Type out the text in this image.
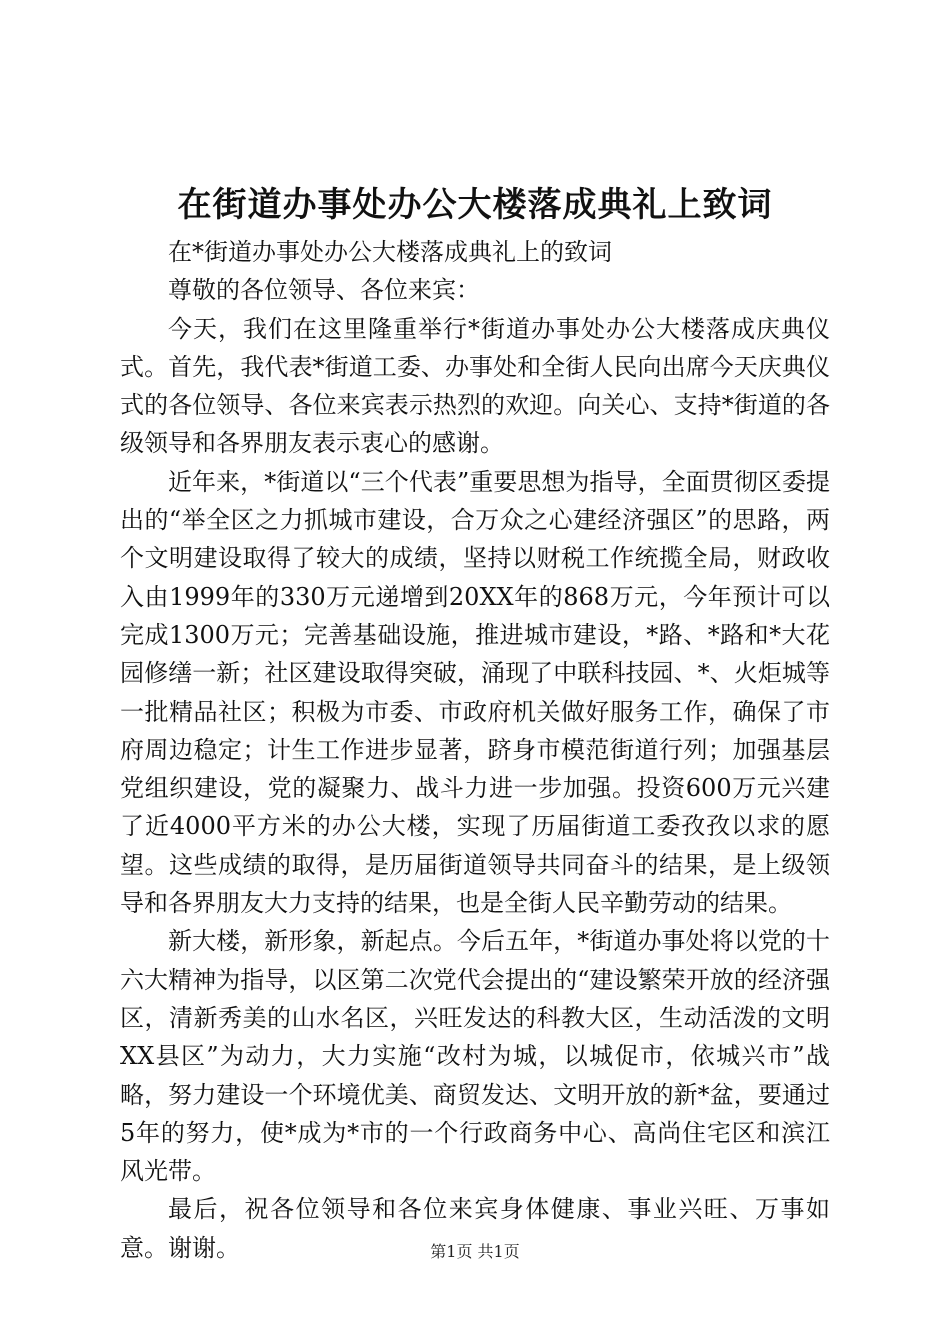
在街道办事处办公大楼落成典礼上致词

在*街道办事处办公大楼落成典礼上的致词

尊敬的各位领导、各位来宾：

今天，我们在这里隆重举行*街道办事处办公大楼落成庆典仪式。首先，我代表*街道工委、办事处和全街人民向出席今天庆典仪式的各位领导、各位来宾表示热烈的欢迎。向关心、支持*街道的各级领导和各界朋友表示衷心的感谢。

近年来，*街道以“三个代表”重要思想为指导，全面贯彻区委提出的“举全区之力抓城市建设，合万众之心建经济强区”的思路，两个文明建设取得了较大的成绩，坚持以财税工作统揽全局，财政收入由1999年的330万元递增到20XX年的868万元，今年预计可以完成1300万元；完善基础设施，推进城市建设，*路、*路和*大花园修缮一新；社区建设取得突破，涌现了中联科技园、*、火炬城等一批精品社区；积极为市委、市政府机关做好服务工作，确保了市府周边稳定；计生工作进步显著，跻身市模范街道行列；加强基层党组织建设，党的凝聚力、战斗力进一步加强。投资600万元兴建了近4000平方米的办公大楼，实现了历届街道工委孜孜以求的愿望。这些成绩的取得，是历届街道领导共同奋斗的结果，是上级领导和各界朋友大力支持的结果，也是全街人民辛勤劳动的结果。

新大楼，新形象，新起点。今后五年，*街道办事处将以党的十六大精神为指导，以区第二次党代会提出的“建设繁荣开放的经济强区，清新秀美的山水名区，兴旺发达的科教大区，生动活泼的文明XX县区”为动力，大力实施“改村为城，以城促市，依城兴市”战略，努力建设一个环境优美、商贸发达、文明开放的新*盆，要通过5年的努力，使*成为*市的一个行政商务中心、高尚住宅区和滨江风光带。

最后，祝各位领导和各位来宾身体健康、事业兴旺、万事如意。谢谢。	第1页 共1页
